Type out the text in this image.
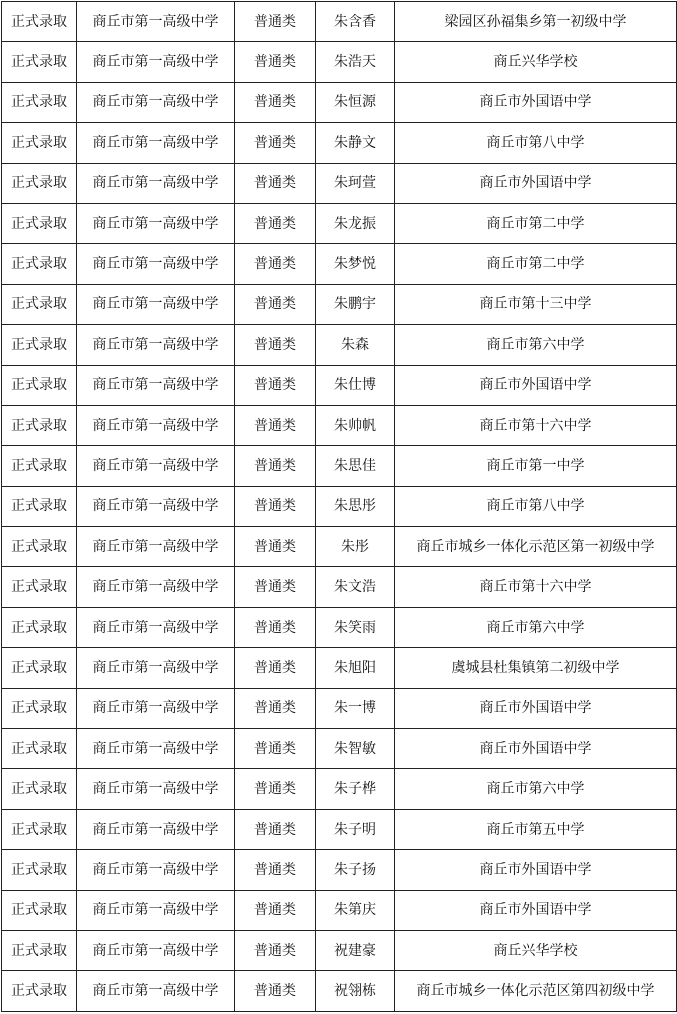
正式录取	商丘市第一高级中学	普通类	朱含香	梁园区孙福集乡第一初级中学
正式录取	商丘市第一高级中学	普通类	朱浩天	商丘兴华学校
正式录取	商丘市第一高级中学	普通类	朱恒源	商丘市外国语中学
正式录取	商丘市第一高级中学	普通类	朱静文	商丘市第八中学
正式录取	商丘市第一高级中学	普通类	朱珂萱	商丘市外国语中学
正式录取	商丘市第一高级中学	普通类	朱龙振	商丘市第二中学
正式录取	商丘市第一高级中学	普通类	朱梦悦	商丘市第二中学
正式录取	商丘市第一高级中学	普通类	朱鹏宇	商丘市第十三中学
正式录取	商丘市第一高级中学	普通类	朱森	商丘市第六中学
正式录取	商丘市第一高级中学	普通类	朱仕博	商丘市外国语中学
正式录取	商丘市第一高级中学	普通类	朱帅帆	商丘市第十六中学
正式录取	商丘市第一高级中学	普通类	朱思佳	商丘市第一中学
正式录取	商丘市第一高级中学	普通类	朱思彤	商丘市第八中学
正式录取	商丘市第一高级中学	普通类	朱彤	商丘市城乡一体化示范区第一初级中学
正式录取	商丘市第一高级中学	普通类	朱文浩	商丘市第十六中学
正式录取	商丘市第一高级中学	普通类	朱笑雨	商丘市第六中学
正式录取	商丘市第一高级中学	普通类	朱旭阳	虞城县杜集镇第二初级中学
正式录取	商丘市第一高级中学	普通类	朱一博	商丘市外国语中学
正式录取	商丘市第一高级中学	普通类	朱智敏	商丘市外国语中学
正式录取	商丘市第一高级中学	普通类	朱子桦	商丘市第六中学
正式录取	商丘市第一高级中学	普通类	朱子明	商丘市第五中学
正式录取	商丘市第一高级中学	普通类	朱子扬	商丘市外国语中学
正式录取	商丘市第一高级中学	普通类	朱第庆	商丘市外国语中学
正式录取	商丘市第一高级中学	普通类	祝建豪	商丘兴华学校
正式录取	商丘市第一高级中学	普通类	祝翎栋	商丘市城乡一体化示范区第四初级中学
